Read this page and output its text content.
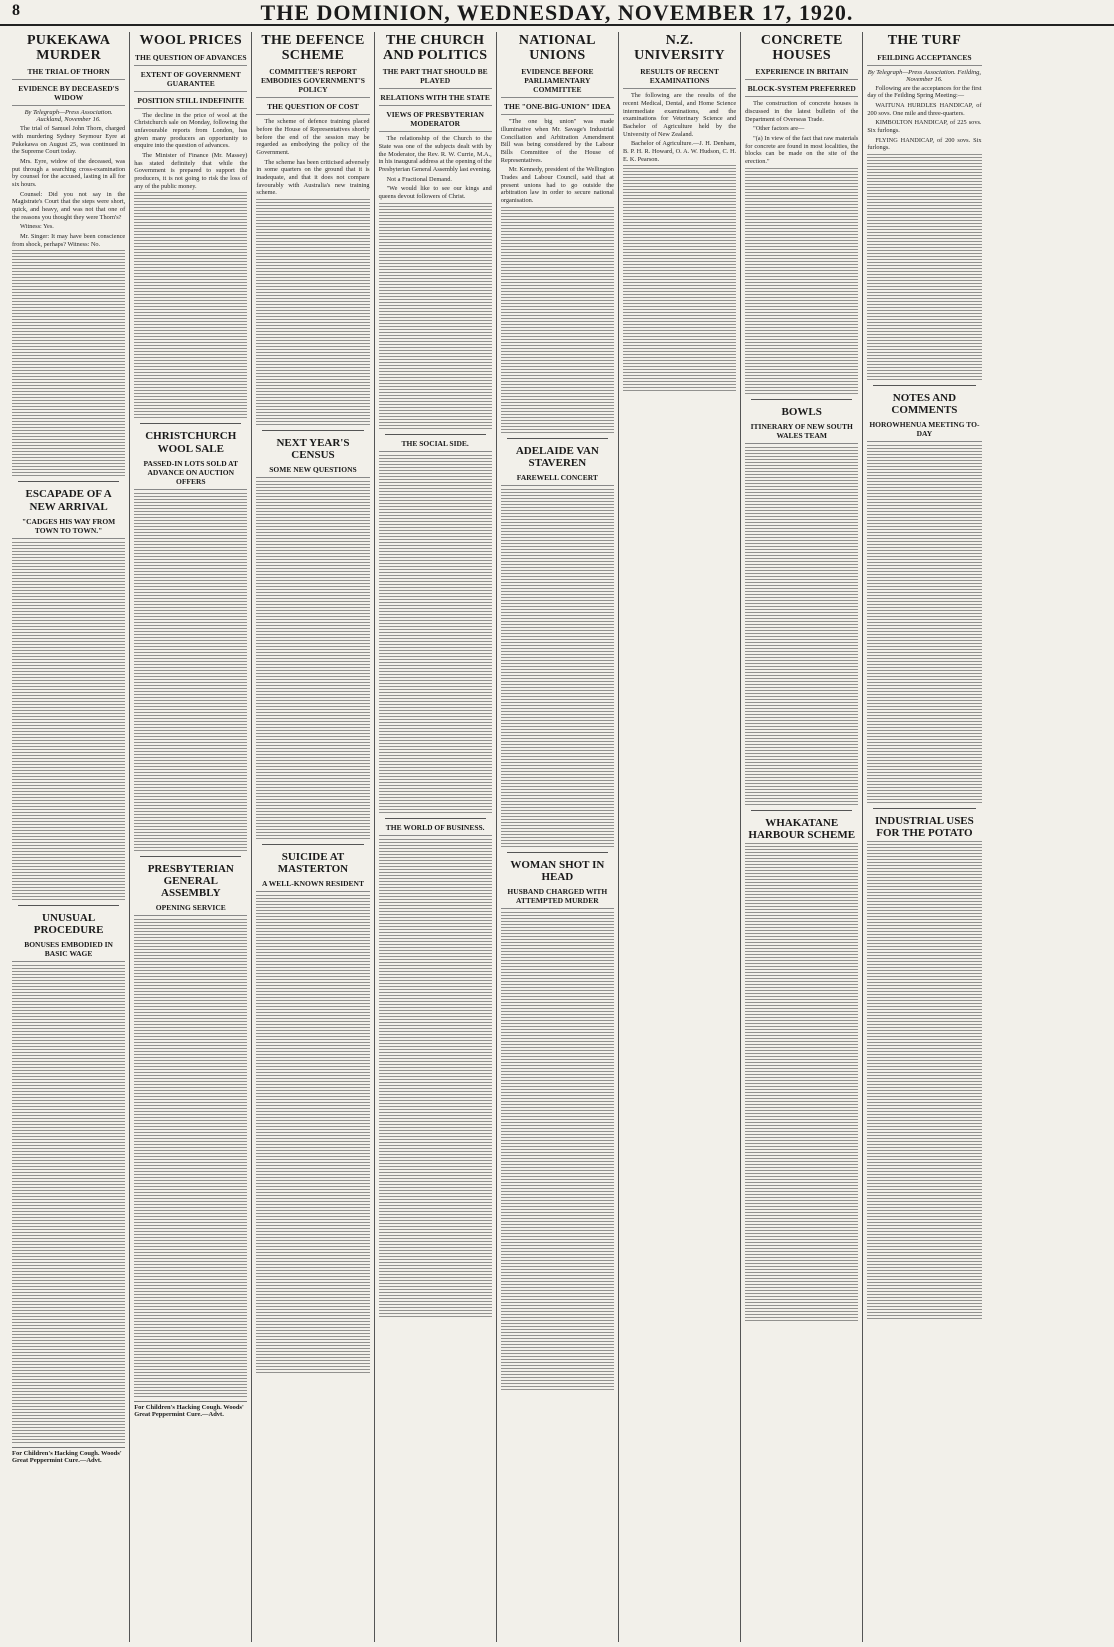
8	THE DOMINION, WEDNESDAY, NOVEMBER 17, 1920.
PUKEKAWA MURDER
THE TRIAL OF THORN
EVIDENCE BY DECEASED'S WIDOW
By Telegraph—Press Association. Auckland, November 16.

The trial of Samuel John Thorn, charged with murdering Sydney Seymour Eyre at Pukekawa on August 25, was continued in the Supreme Court today.

Mrs. Eyre, widow of the deceased, was put through a searching cross-examination by counsel for the accused, lasting in all for six hours.

Counsel: Did you not say in the Magistrate's Court that the steps were short, quick, and heavy, and was not that one of the reasons you thought they were Thorn's?

Witness: Yes.

Mr. Singer: It may have been conscience from shock, perhaps? Witness: No.

ESCAPADE OF A NEW ARRIVAL
"CADGES HIS WAY FROM TOWN TO TOWN."
UNUSUAL PROCEDURE
BONUSES EMBODIED IN BASIC WAGE
For Children's Hacking Cough. Woods' Great Peppermint Cure.—Advt.
WOOL PRICES
THE QUESTION OF ADVANCES
EXTENT OF GOVERNMENT GUARANTEE
POSITION STILL INDEFINITE

The decline in the price of wool at the Christchurch sale on Monday, following the unfavourable reports from London, has given many producers an opportunity to enquire into the question of advances.

The Minister of Finance (Mr. Massey) has stated definitely that while the Government is prepared to support the producers, it is not going to risk the loss of any of the public money.

CHRISTCHURCH WOOL SALE
PASSED-IN LOTS SOLD AT ADVANCE ON AUCTION OFFERS
PRESBYTERIAN GENERAL ASSEMBLY
OPENING SERVICE
For Children's Hacking Cough. Woods' Great Peppermint Cure.—Advt.
THE DEFENCE SCHEME
COMMITTEE'S REPORT EMBODIES GOVERNMENT'S POLICY
THE QUESTION OF COST

The scheme of defence training placed before the House of Representatives shortly before the end of the session may be regarded as embodying the policy of the Government.

The scheme has been criticised adversely in some quarters on the ground that it is inadequate, and that it does not compare favourably with Australia's new training scheme.

NEXT YEAR'S CENSUS
SOME NEW QUESTIONS
SUICIDE AT MASTERTON
A WELL-KNOWN RESIDENT
THE CHURCH AND POLITICS
THE PART THAT SHOULD BE PLAYED
RELATIONS WITH THE STATE
VIEWS OF PRESBYTERIAN MODERATOR

The relationship of the Church to the State was one of the subjects dealt with by the Moderator, the Rev. R. W. Currie, M.A., in his inaugural address at the opening of the Presbyterian General Assembly last evening.

Not a Fractional Demand.

"We would like to see our kings and queens devout followers of Christ.

THE SOCIAL SIDE.
THE WORLD OF BUSINESS.
NATIONAL UNIONS
EVIDENCE BEFORE PARLIAMENTARY COMMITTEE
THE "ONE-BIG-UNION" IDEA

"The one big union" was made illuminative when Mr. Savage's Industrial Conciliation and Arbitration Amendment Bill was being considered by the Labour Bills Committee of the House of Representatives.

Mr. Kennedy, president of the Wellington Trades and Labour Council, said that at present unions had to go outside the arbitration law in order to secure national organisation.

ADELAIDE VAN STAVEREN
FAREWELL CONCERT
WOMAN SHOT IN HEAD
HUSBAND CHARGED WITH ATTEMPTED MURDER
N.Z. UNIVERSITY
RESULTS OF RECENT EXAMINATIONS

The following are the results of the recent Medical, Dental, and Home Science intermediate examinations, and the examinations for Veterinary Science and Bachelor of Agriculture held by the University of New Zealand.

Bachelor of Agriculture.—J. H. Denham, B. P. H. R. Howard, O. A. W. Hudson, C. H. E. K. Pearson.

CONCRETE HOUSES
EXPERIENCE IN BRITAIN
BLOCK-SYSTEM PREFERRED

The construction of concrete houses is discussed in the latest bulletin of the Department of Overseas Trade.

"Other factors are—

"(a) In view of the fact that raw materials for concrete are found in most localities, the blocks can be made on the site of the erection."

BOWLS
ITINERARY OF NEW SOUTH WALES TEAM
WHAKATANE HARBOUR SCHEME
THE TURF
FEILDING ACCEPTANCES
By Telegraph—Press Association. Feilding, November 16.

Following are the acceptances for the first day of the Feilding Spring Meeting:—

WAITUNA HURDLES HANDICAP, of 200 sovs. One mile and three-quarters.

KIMBOLTON HANDICAP, of 225 sovs. Six furlongs.

FLYING HANDICAP, of 200 sovs. Six furlongs.

NOTES AND COMMENTS
HOROWHENUA MEETING TO-DAY
INDUSTRIAL USES FOR THE POTATO
